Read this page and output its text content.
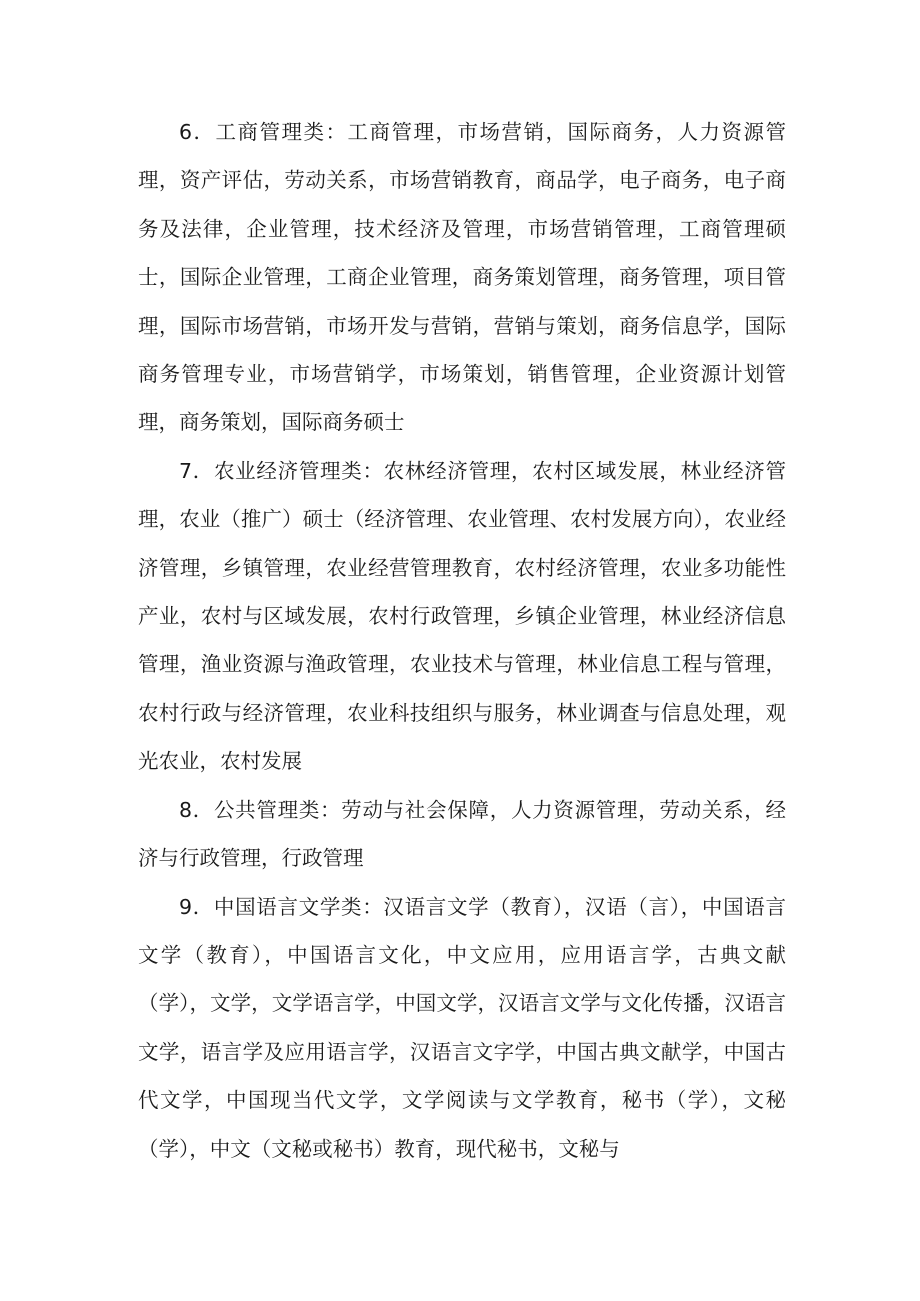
6．工商管理类：工商管理，市场营销，国际商务，人力资源管理，资产评估，劳动关系，市场营销教育，商品学，电子商务，电子商务及法律，企业管理，技术经济及管理，市场营销管理，工商管理硕士，国际企业管理，工商企业管理，商务策划管理，商务管理，项目管理，国际市场营销，市场开发与营销，营销与策划，商务信息学，国际商务管理专业，市场营销学，市场策划，销售管理，企业资源计划管理，商务策划，国际商务硕士

7．农业经济管理类：农林经济管理，农村区域发展，林业经济管理，农业（推广）硕士（经济管理、农业管理、农村发展方向），农业经济管理，乡镇管理，农业经营管理教育，农村经济管理，农业多功能性产业，农村与区域发展，农村行政管理，乡镇企业管理，林业经济信息管理，渔业资源与渔政管理，农业技术与管理，林业信息工程与管理，农村行政与经济管理，农业科技组织与服务，林业调查与信息处理，观光农业，农村发展

8．公共管理类：劳动与社会保障，人力资源管理，劳动关系，经济与行政管理，行政管理

9．中国语言文学类：汉语言文学（教育），汉语（言），中国语言文学（教育），中国语言文化，中文应用，应用语言学，古典文献（学），文学，文学语言学，中国文学，汉语言文学与文化传播，汉语言文学，语言学及应用语言学，汉语言文字学，中国古典文献学，中国古代文学，中国现当代文学，文学阅读与文学教育，秘书（学），文秘（学），中文（文秘或秘书）教育，现代秘书，文秘与
